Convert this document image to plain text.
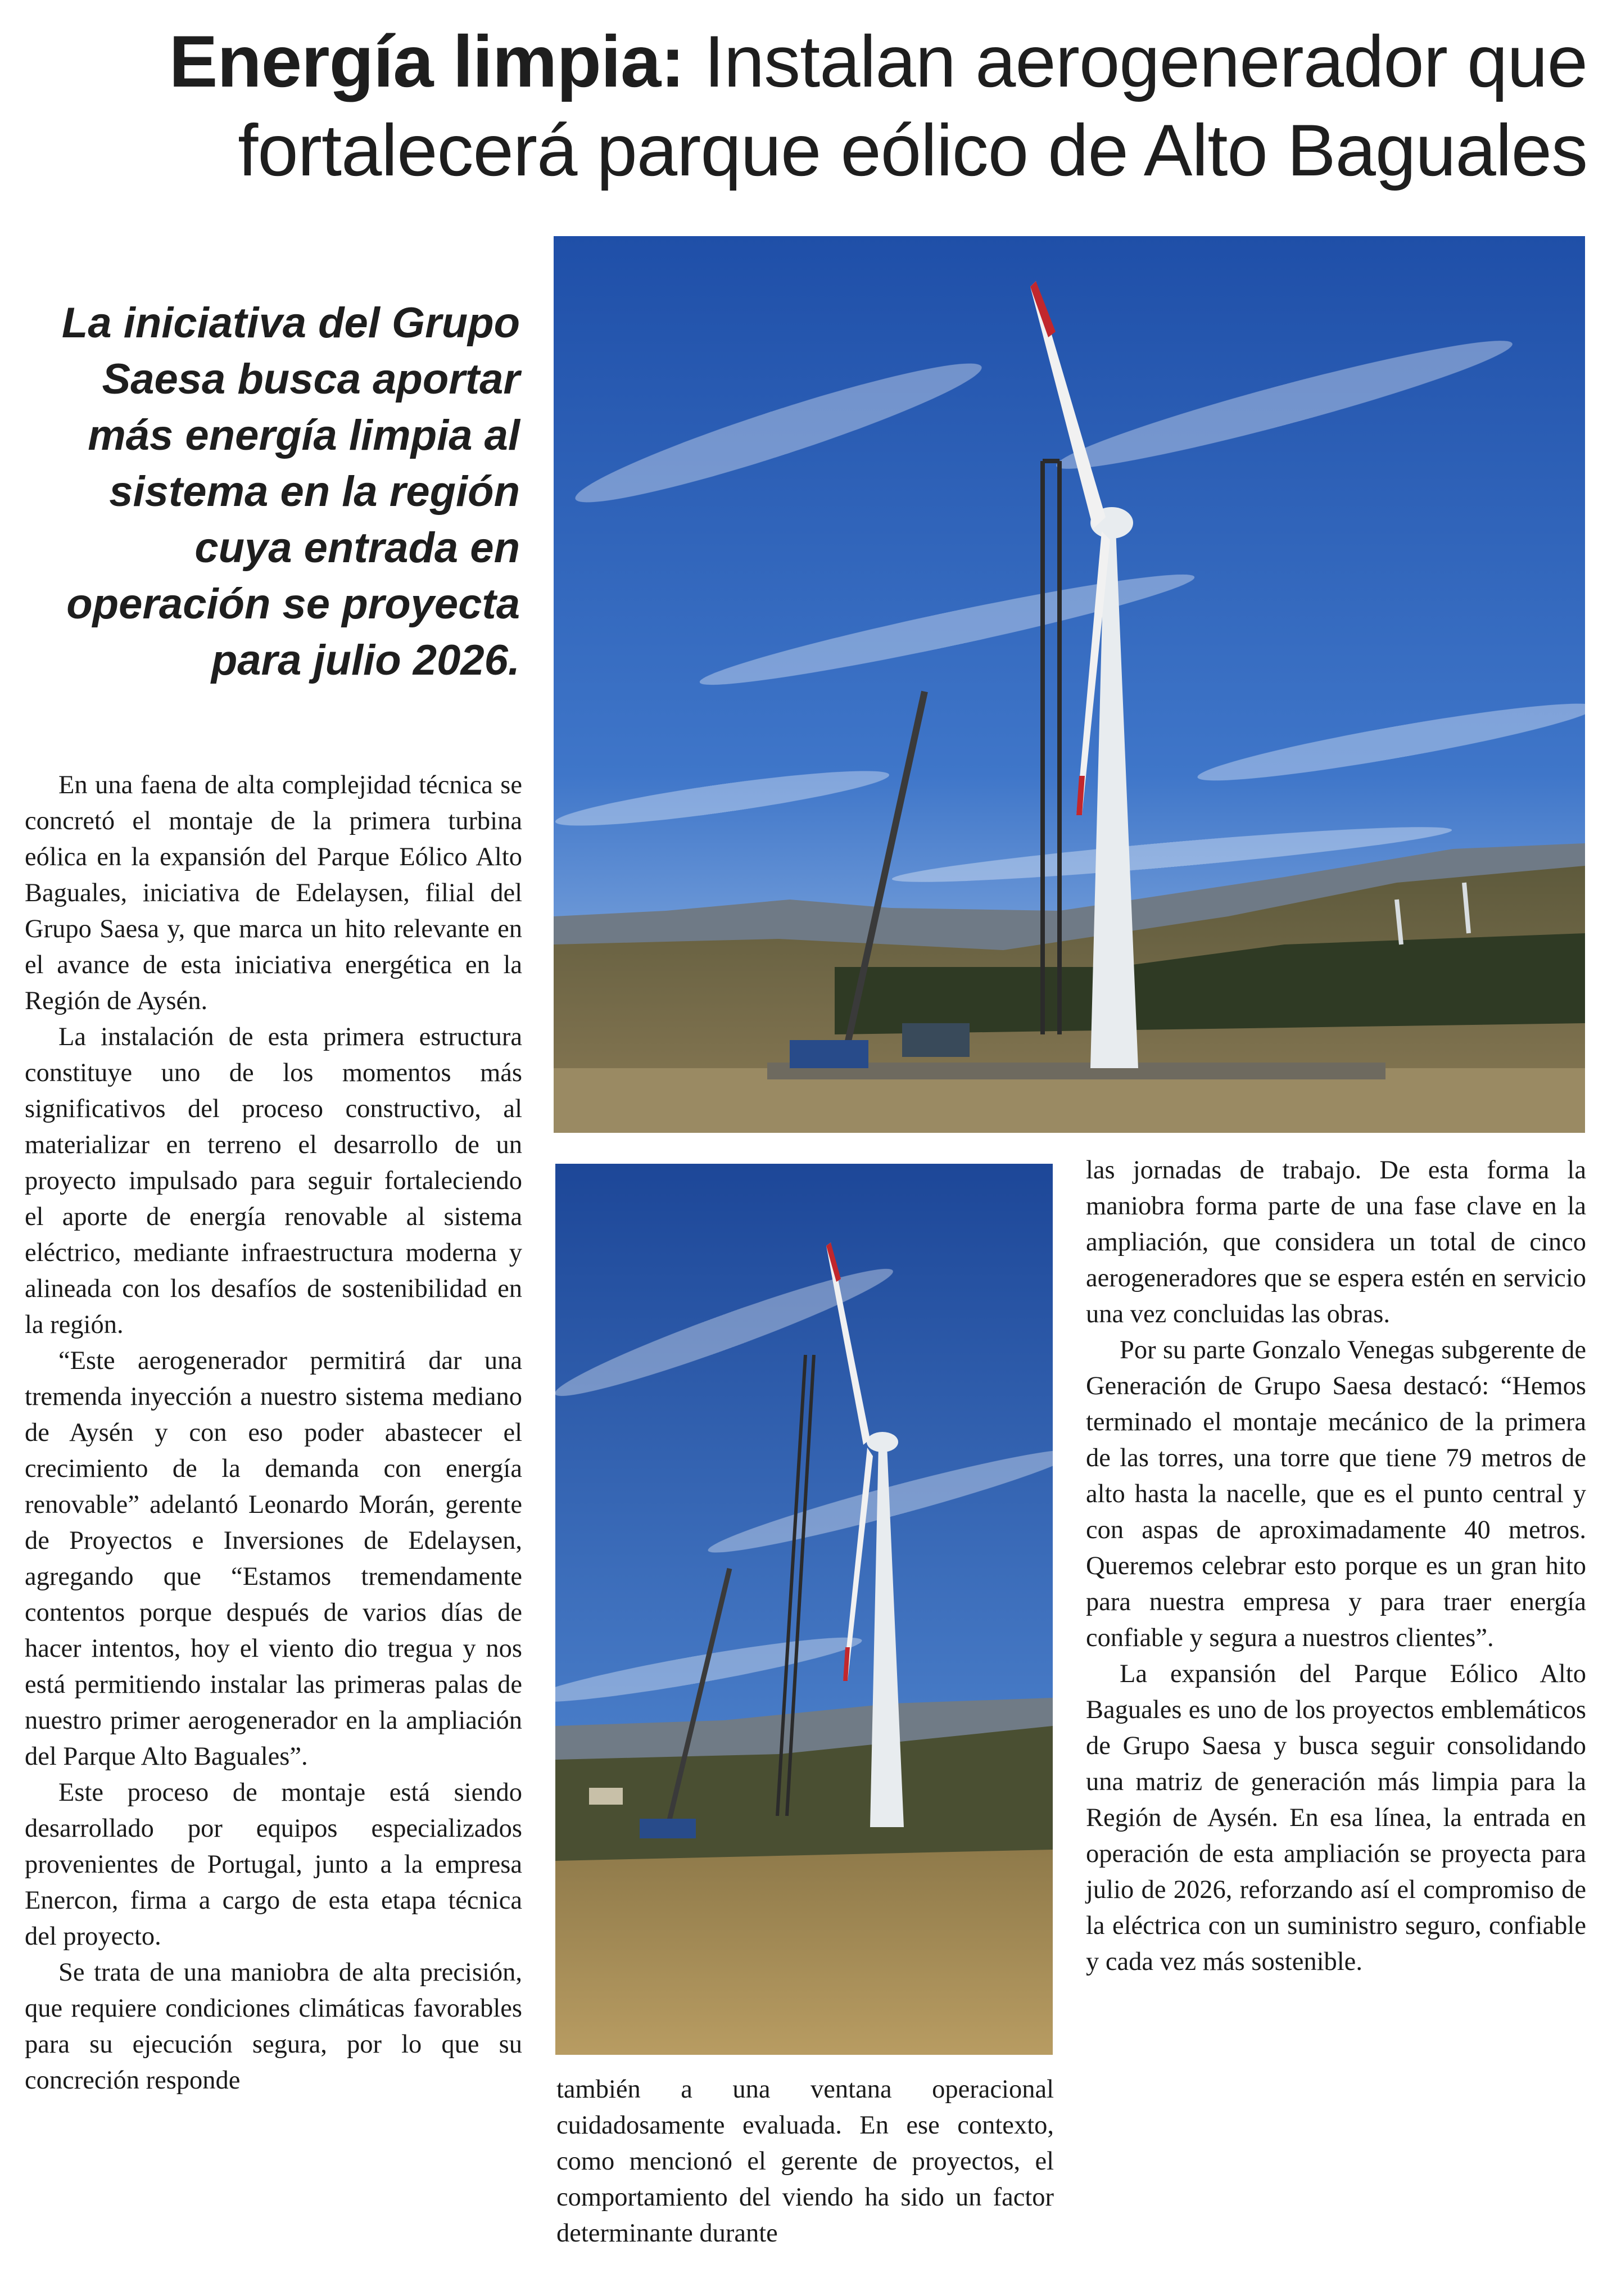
Energía limpia: Instalan aerogenerador que
fortalecerá parque eólico de Alto Baguales
La iniciativa del Grupo
Saesa busca aportar
más energía limpia al
sistema en la región
cuya entrada en
operación se proyecta
para julio 2026.

En una faena de alta complejidad técnica se concretó el montaje de la primera turbina eólica en la expansión del Parque Eólico Alto Baguales, iniciativa de Edelaysen, filial del Grupo Saesa y, que marca un hito relevante en el avance de esta iniciativa energética en la Región de Aysén.

La instalación de esta primera estructura constituye uno de los momentos más significativos del proceso constructivo, al materializar en terreno el desarrollo de un proyecto impulsado para seguir fortaleciendo el aporte de energía renovable al sistema eléctrico, mediante infraestructura moderna y alineada con los desafíos de sostenibilidad en la región.

“Este aerogenerador permitirá dar una tremenda inyección a nuestro sistema mediano de Aysén y con eso poder abastecer el crecimiento de la demanda con energía renovable” adelantó Leonardo Morán, gerente de Proyectos e Inversiones de Edelaysen, agregando que “Estamos tremendamente contentos porque después de varios días de hacer intentos, hoy el viento dio tregua y nos está permitiendo instalar las primeras palas de nuestro primer aerogenerador en la ampliación del Parque Alto Baguales”.

Este proceso de montaje está siendo desarrollado por equipos especializados provenientes de Portugal, junto a la empresa Enercon, firma a cargo de esta etapa técnica del proyecto.

Se trata de una maniobra de alta precisión, que requiere condiciones climáticas favorables para su ejecución segura, por lo que su concreción responde	también a una ventana operacional cuidadosamente evaluada. En ese contexto, como mencionó el gerente de proyectos, el comportamiento del viendo ha sido un factor determinante durante

las jornadas de trabajo. De esta forma la maniobra forma parte de una fase clave en la ampliación, que considera un total de cinco aerogeneradores que se espera estén en servicio una vez concluidas las obras.

Por su parte Gonzalo Venegas subgerente de Generación de Grupo Saesa destacó: “Hemos terminado el montaje mecánico de la primera de las torres, una torre que tiene 79 metros de alto hasta la nacelle, que es el punto central y con aspas de aproximadamente 40 metros. Queremos celebrar esto porque es un gran hito para nuestra empresa y para traer energía confiable y segura a nuestros clientes”.

La expansión del Parque Eólico Alto Baguales es uno de los proyectos emblemáticos de Grupo Saesa y busca seguir consolidando una matriz de generación más limpia para la Región de Aysén. En esa línea, la entrada en operación de esta ampliación se proyecta para julio de 2026, reforzando así el compromiso de la eléctrica con un suministro seguro, confiable y cada vez más sostenible.
